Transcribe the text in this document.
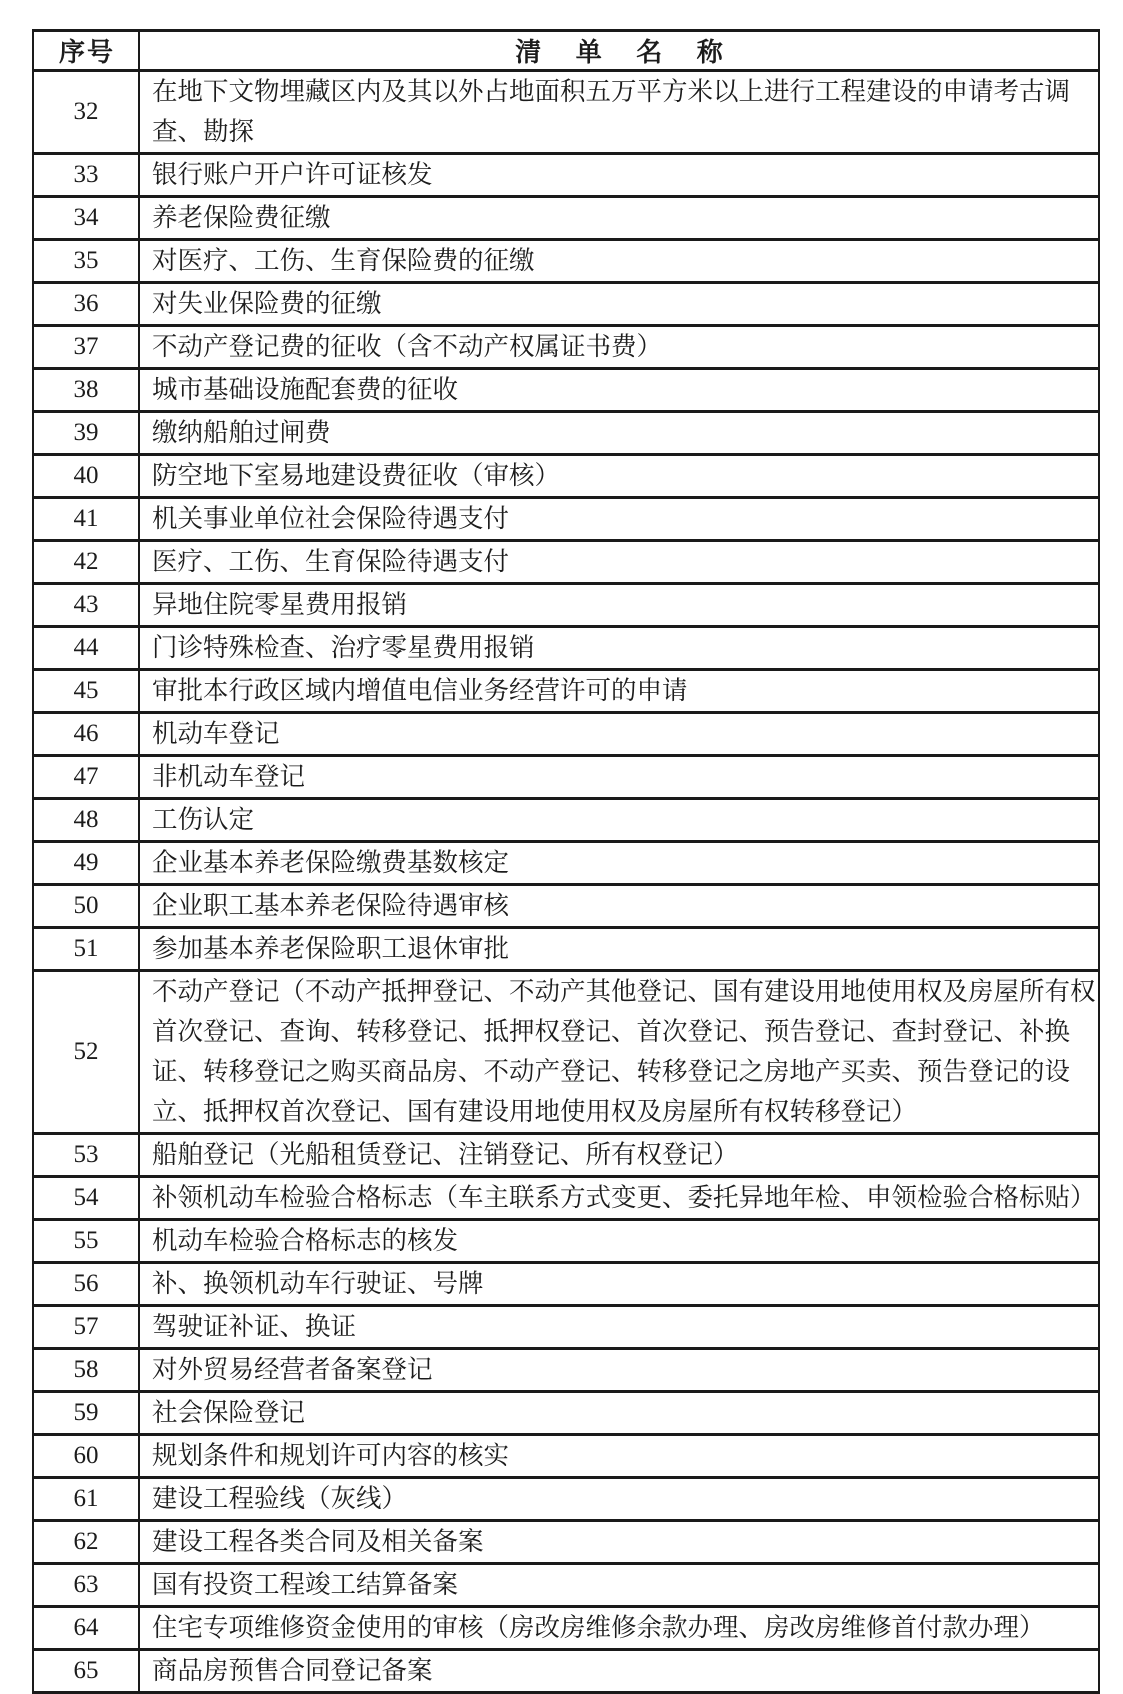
序号	清 单 名 称
32	在地下文物埋藏区内及其以外占地面积五万平方米以上进行工程建设的申请考古调查、勘探
33	银行账户开户许可证核发
34	养老保险费征缴
35	对医疗、工伤、生育保险费的征缴
36	对失业保险费的征缴
37	不动产登记费的征收（含不动产权属证书费）
38	城市基础设施配套费的征收
39	缴纳船舶过闸费
40	防空地下室易地建设费征收（审核）
41	机关事业单位社会保险待遇支付
42	医疗、工伤、生育保险待遇支付
43	异地住院零星费用报销
44	门诊特殊检查、治疗零星费用报销
45	审批本行政区域内增值电信业务经营许可的申请
46	机动车登记
47	非机动车登记
48	工伤认定
49	企业基本养老保险缴费基数核定
50	企业职工基本养老保险待遇审核
51	参加基本养老保险职工退休审批
52	不动产登记（不动产抵押登记、不动产其他登记、国有建设用地使用权及房屋所有权首次登记、查询、转移登记、抵押权登记、首次登记、预告登记、查封登记、补换证、转移登记之购买商品房、不动产登记、转移登记之房地产买卖、预告登记的设立、抵押权首次登记、国有建设用地使用权及房屋所有权转移登记）
53	船舶登记（光船租赁登记、注销登记、所有权登记）
54	补领机动车检验合格标志（车主联系方式变更、委托异地年检、申领检验合格标贴）
55	机动车检验合格标志的核发
56	补、换领机动车行驶证、号牌
57	驾驶证补证、换证
58	对外贸易经营者备案登记
59	社会保险登记
60	规划条件和规划许可内容的核实
61	建设工程验线（灰线）
62	建设工程各类合同及相关备案
63	国有投资工程竣工结算备案
64	住宅专项维修资金使用的审核（房改房维修余款办理、房改房维修首付款办理）
65	商品房预售合同登记备案
